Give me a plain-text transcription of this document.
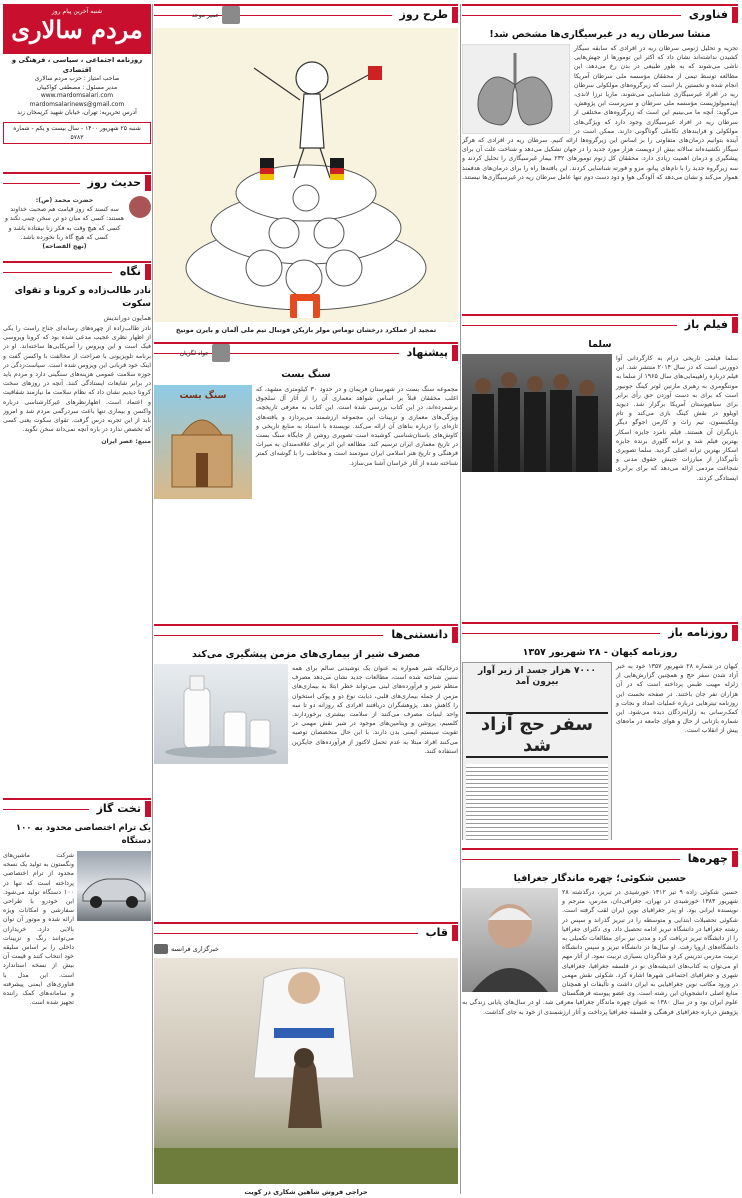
شنبه آخرین پیام روز
مردم سالاری
روزنامه اجتماعی ، سیاسی ، فرهنگی و اقتصادی
صاحب امتیاز : حزب مردم سالاری
مدیر مسئول : مصطفی کواکبیان
www.mardomsalari.com
mardomsalarinews@gmail.com
آدرس تحریریه: تهران، خیابان شهید کریمخان زند
شنبه ۲۵ شهریور ۱۴۰۰ - سال بیست و یکم - شماره ۵۷۸۳
حدیث روز
حضرت محمد (ص):
سه کسند که روز قیامت هم صحبت خداوند هستند: کسی که میان دو تن سخن چینی نکند و کسی که هیچ وقت به فکر زنا نیفتاده باشد و کسی که هیچ گاه ربا نخورده باشد.
(نهج الفصاحه)
نگاه
نادر طالب‌زاده و کرونا و تقوای سکوت
همایون دوراندیش
نادر طالب‌زاده از چهره‌های رسانه‌ای جناح راست را یکی از اظهار نظری عجیب مدعی شده بود که کرونا ویروسی فیک است و این ویروس را آمریکایی‌ها ساخته‌اند. او در برنامه تلویزیونی با صراحت از مخالفت با واکسن گفت و اینک خود قربانی این ویروس شده است. سیاست‌زدگی در حوزه سلامت عمومی هزینه‌های سنگینی دارد و مردم باید در برابر شایعات ایستادگی کنند. آنچه در روزهای سخت کرونا دیدیم نشان داد که نظام سلامت ما نیازمند شفافیت و اعتماد است. اظهارنظرهای غیرکارشناسی درباره واکسن و بیماری تنها باعث سردرگمی مردم شد و امروز باید از این تجربه درس گرفت. تقوای سکوت یعنی کسی که تخصص ندارد در باره آنچه نمی‌داند سخن نگوید.
منبع: عصر ایران
تخت گاز
یک ترام اختصاصی محدود به ۱۰۰ دستگاه
شرکت ماشین‌های ونگستون به تولید یک نسخه محدود از ترام اختصاصی پرداخته است که تنها در ۱۰۰ دستگاه تولید می‌شود. این خودرو با طراحی سفارشی و امکانات ویژه ارائه شده و موتور آن توان بالایی دارد. خریداران می‌توانند رنگ و تزیینات داخلی را بر اساس سلیقه خود انتخاب کنند و قیمت آن بیش از نسخه استاندارد است. این مدل با فناوری‌های ایمنی پیشرفته و سامانه‌های کمک راننده تجهیز شده است.
طرح روز
عمیر موحد
تمجید از عملکرد درخشان توماس مولر بازیکن فوتبال تیم ملی آلمان و بایرن مونیخ
پیشنهاد
جواد لگزیان
سنگ بست
مجموعه سنگ بست در شهرستان فریمان و در حدود ۳۰ کیلومتری مشهد، که اغلب محققان قبلاً بر اساس شواهد معماری آن را از آثار آل سلجوق برشمرده‌اند، در این کتاب بررسی شده است. این کتاب به معرفی تاریخچه، ویژگی‌های معماری و تزیینات این مجموعه ارزشمند می‌پردازد و یافته‌های تازه‌ای را درباره بناهای آن ارائه می‌کند. نویسنده با استناد به منابع تاریخی و کاوش‌های باستان‌شناسی کوشیده است تصویری روشن از جایگاه سنگ بست در تاریخ معماری ایران ترسیم کند. مطالعه این اثر برای علاقه‌مندان به میراث فرهنگی و تاریخ هنر اسلامی ایران سودمند است و مخاطب را با گوشه‌ای کمتر شناخته شده از آثار خراسان آشنا می‌سازد.
سنگ بست
دانستنی‌ها
مصرف شیر از بیماری‌های مزمن پیشگیری می‌کند
درحالیکه شیر همواره به عنوان یک نوشیدنی سالم برای همه سنین شناخته شده است، مطالعات جدید نشان می‌دهد مصرف منظم شیر و فرآورده‌های لبنی می‌تواند خطر ابتلا به بیماری‌های مزمن از جمله بیماری‌های قلبی، دیابت نوع دو و پوکی استخوان را کاهش دهد. پژوهشگران دریافتند افرادی که روزانه دو تا سه واحد لبنیات مصرف می‌کنند از سلامت بیشتری برخوردارند. کلسیم، پروتئین و ویتامین‌های موجود در شیر نقش مهمی در تقویت سیستم ایمنی بدن دارند. با این حال متخصصان توصیه می‌کنند افراد مبتلا به عدم تحمل لاکتوز از فرآورده‌های جایگزین استفاده کنند.
قاب
خبرگزاری فرانسه
حراجی فروش شاهین شکاری در کویت
فناوری
منشا سرطان ریه در غیرسیگاری‌ها مشخص شد!
تجزیه و تحلیل ژنومی سرطان ریه در افرادی که سابقه سیگار کشیدن نداشته‌اند نشان داد که اکثر این تومورها از جهش‌هایی ناشی می‌شوند که به طور طبیعی در بدن رخ می‌دهد. این مطالعه توسط تیمی از محققان مؤسسه ملی سرطان آمریکا انجام شده و نخستین بار است که زیرگروه‌های مولکولی سرطان ریه در افراد غیرسیگاری شناسایی می‌شوند. ماریا ترزا لاندی، اپیدمیولوژیست مؤسسه ملی سرطان و سرپرست این پژوهش، می‌گوید: آنچه ما می‌بینیم این است که زیرگروه‌های مختلفی از سرطان ریه در افراد غیرسیگاری وجود دارد که ویژگی‌های مولکولی و فرایندهای تکاملی گوناگونی دارند. ممکن است در آینده بتوانیم درمان‌های متفاوتی را بر اساس این زیرگروه‌ها ارائه کنیم. سرطان ریه در افرادی که هرگز سیگار نکشیده‌اند سالانه بیش از دویست هزار مورد جدید را در جهان تشکیل می‌دهد و شناخت علت آن برای پیشگیری و درمان اهمیت زیادی دارد. محققان کل ژنوم تومورهای ۲۳۲ بیمار غیرسیگاری را تحلیل کردند و سه زیرگروه جدید را با نام‌های پیانو، مزو و فورته شناسایی کردند. این یافته‌ها راه را برای درمان‌های هدفمند هموار می‌کند و نشان می‌دهد که آلودگی هوا و دود دست دوم تنها عامل سرطان ریه در غیرسیگاری‌ها نیستند.
فیلم باز
سلما
سلما فیلمی تاریخی درام به کارگردانی آوا دوورنی است که در سال ۲۰۱۴ منتشر شد. این فیلم درباره راهپیمایی‌های سال ۱۹۶۵ از سلما به مونتگومری به رهبری مارتین لوتر کینگ جونیور است که برای به دست آوردن حق رأی برابر برای سیاهپوستان آمریکا برگزار شد. دیوید اویلوو در نقش کینگ بازی می‌کند و تام ویلکینسون، تیم راث و کارمن اجوگو دیگر بازیگران آن هستند. فیلم نامزد جایزه اسکار بهترین فیلم شد و ترانه گلوری برنده جایزه اسکار بهترین ترانه اصلی گردید. سلما تصویری تأثیرگذار از مبارزات جنبش حقوق مدنی و شجاعت مردمی ارائه می‌دهد که برای برابری ایستادگی کردند.
روزنامه باز
روزنامه کیهان - ۲۸ شهریور ۱۳۵۷
۷۰۰۰ هزار جسد از زیر آوار بیرون آمد
سفر حج آزاد شد
کیهان در شماره ۲۸ شهریور ۱۳۵۷ خود به خبر آزاد شدن سفر حج و همچنین گزارش‌هایی از زلزله مهیب طبس پرداخته است که در آن هزاران نفر جان باختند. در صفحه نخست این روزنامه تیترهایی درباره عملیات امداد و نجات و کمک‌رسانی به زلزله‌زدگان دیده می‌شود. این شماره بازتابی از حال و هوای جامعه در ماه‌های پیش از انقلاب است.
چهره‌ها
حسین شکوئی؛ چهره ماندگار جغرافیا
حسین شکوئی زاده ۹ تیر ۱۳۱۲ خورشیدی در تبریز، درگذشته ۲۸ شهریور ۱۳۸۳ خورشیدی در تهران، جغرافی‌دان، مدرس، مترجم و نویسنده ایرانی بود. او پدر جغرافیای نوین ایران لقب گرفته است. شکوئی تحصیلات ابتدایی و متوسطه را در تبریز گذراند و سپس در رشته جغرافیا در دانشگاه تبریز ادامه تحصیل داد. وی دکترای جغرافیا را از دانشگاه تبریز دریافت کرد و مدتی نیز برای مطالعات تکمیلی به دانشگاه‌های اروپا رفت. او سال‌ها در دانشگاه تبریز و سپس دانشگاه تربیت مدرس تدریس کرد و شاگردان بسیاری تربیت نمود. از آثار مهم او می‌توان به کتاب‌های اندیشه‌های نو در فلسفه جغرافیا، جغرافیای شهری و جغرافیای اجتماعی شهرها اشاره کرد. شکوئی نقش مهمی در ورود مکاتب نوین جغرافیایی به ایران داشت و تألیفات او همچنان منابع اصلی دانشجویان این رشته است. وی عضو پیوسته فرهنگستان علوم ایران بود و در سال ۱۳۸۰ به عنوان چهره ماندگار جغرافیا معرفی شد. او در سال‌های پایانی زندگی به پژوهش درباره جغرافیای فرهنگی و فلسفه جغرافیا پرداخت و آثار ارزشمندی از خود به جای گذاشت.
